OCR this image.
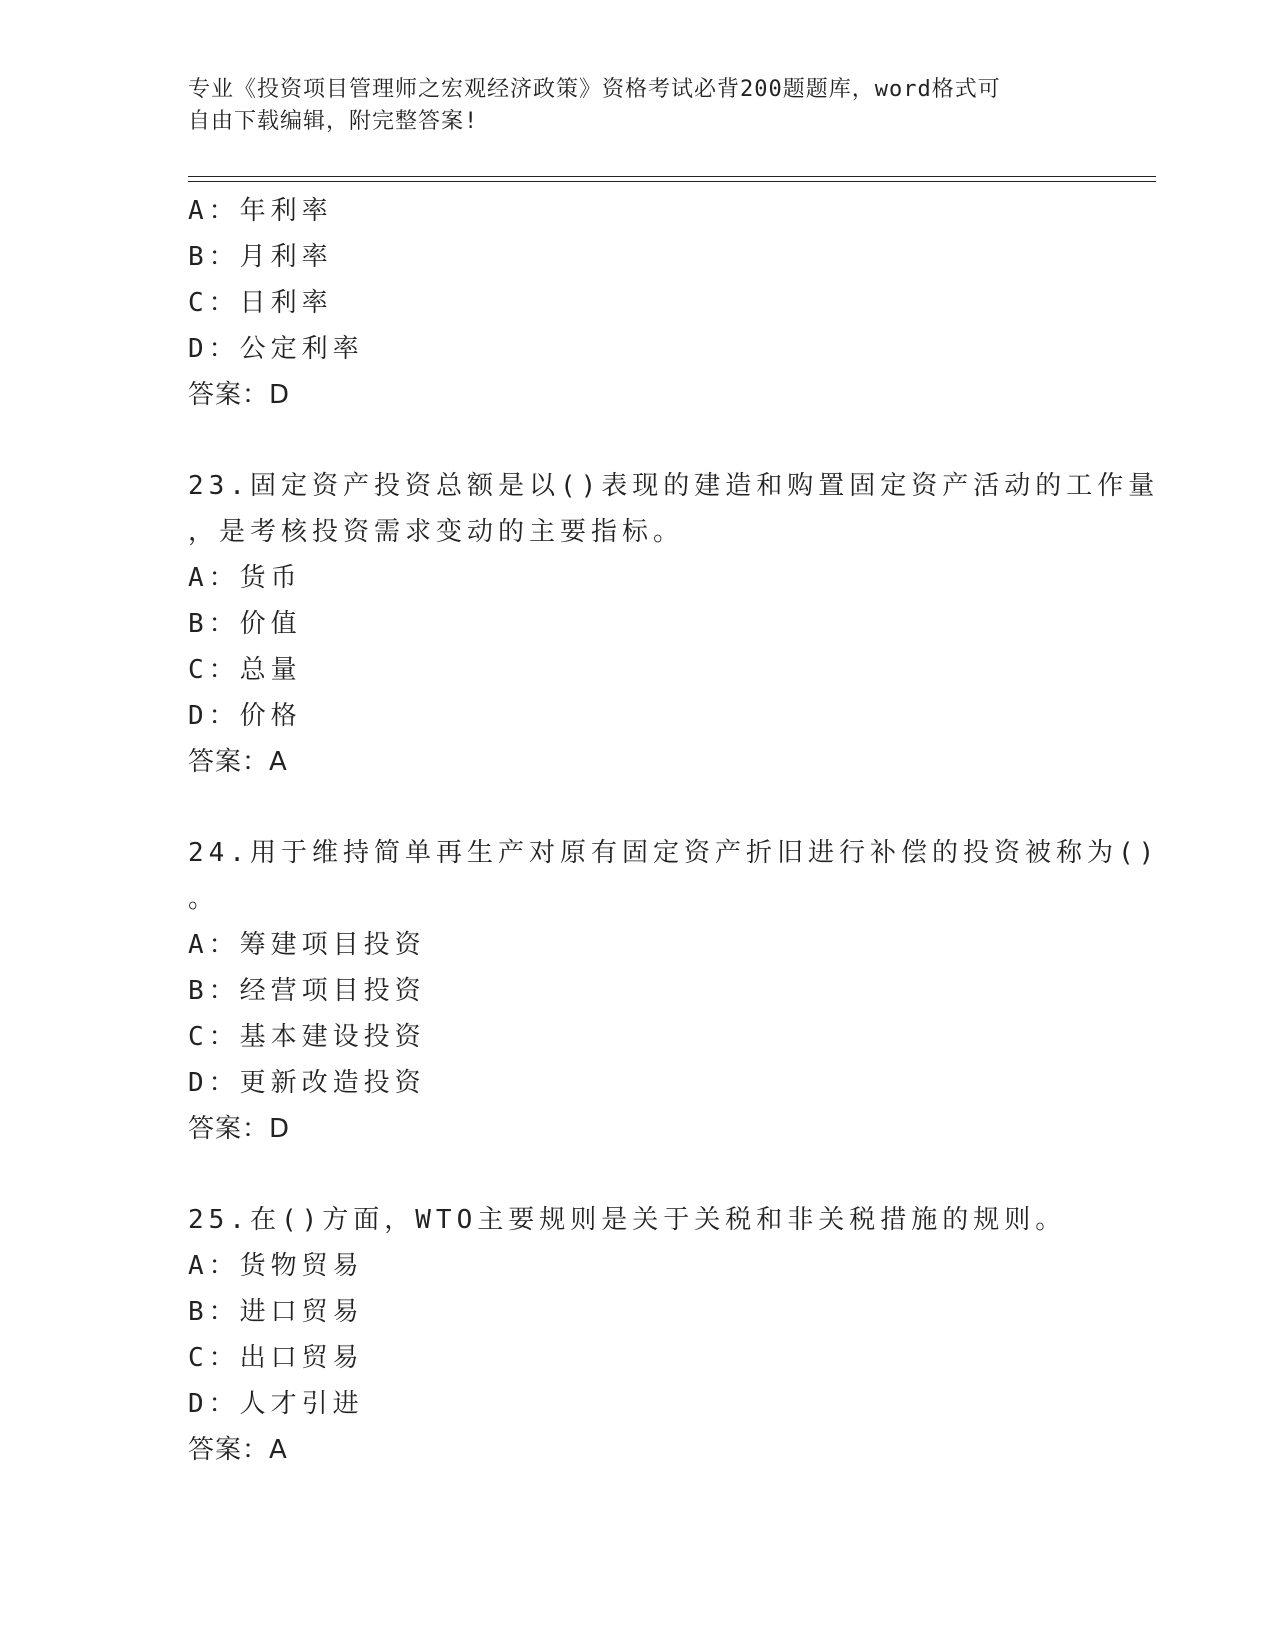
专业《投资项目管理师之宏观经济政策》资格考试必背200题题库，word格式可
自由下载编辑，附完整答案!
A：年利率
B：月利率
C：日利率
D：公定利率
答案：D
23.固定资产投资总额是以()表现的建造和购置固定资产活动的工作量
，是考核投资需求变动的主要指标。
A：货币
B：价值
C：总量
D：价格
答案：A
24.用于维持简单再生产对原有固定资产折旧进行补偿的投资被称为()
。
A：筹建项目投资
B：经营项目投资
C：基本建设投资
D：更新改造投资
答案：D
25.在()方面，WTO主要规则是关于关税和非关税措施的规则。
A：货物贸易
B：进口贸易
C：出口贸易
D：人才引进
答案：A
